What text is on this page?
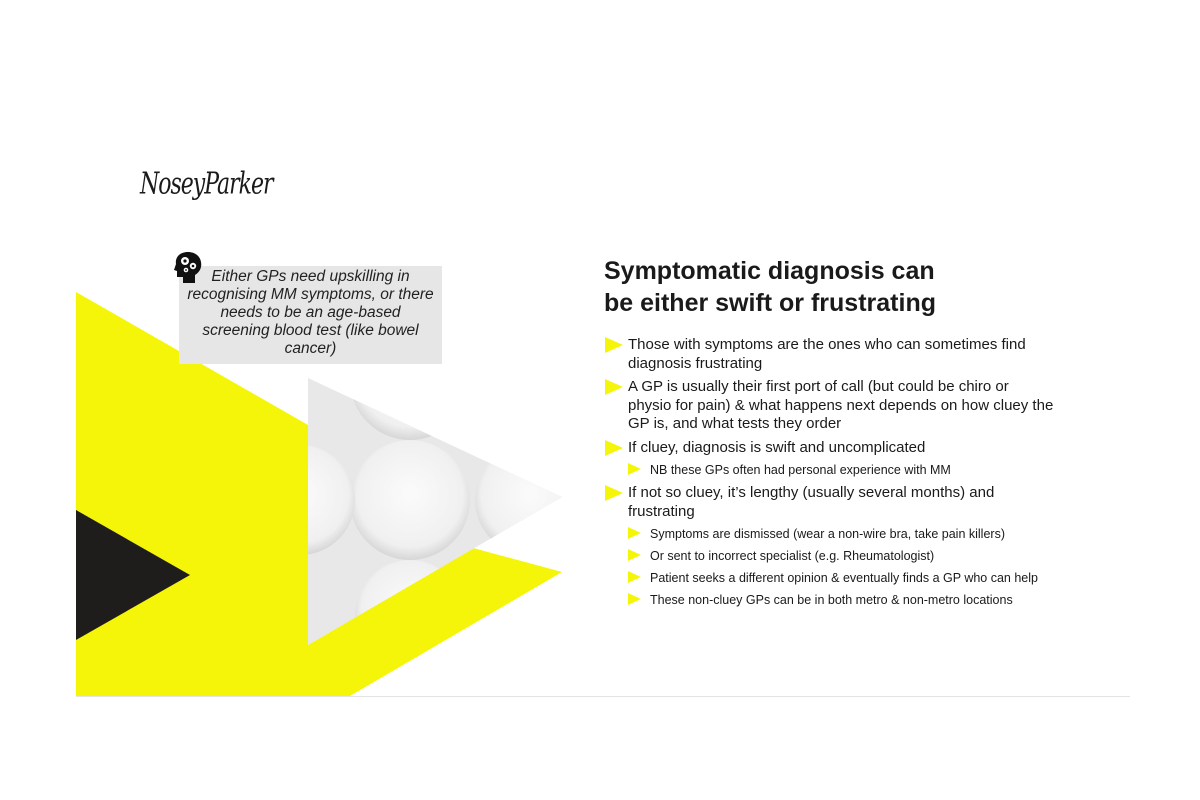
NoseyParker
Either GPs need upskilling in recognising MM symptoms, or there needs to be an age-based screening blood test (like bowel cancer)
Symptomatic diagnosis can
be either swift or frustrating
Those with symptoms are the ones who can sometimes find diagnosis frustrating
A GP is usually their first port of call (but could be chiro or physio for pain) & what happens next depends on how cluey the GP is, and what tests they order
If cluey, diagnosis is swift and uncomplicated
NB these GPs often had personal experience with MM
If not so cluey, it’s lengthy (usually several months) and frustrating
Symptoms are dismissed (wear a non-wire bra, take pain killers)
Or sent to incorrect specialist (e.g. Rheumatologist)
Patient seeks a different opinion & eventually finds a GP who can help
These non-cluey GPs can be in both metro & non-metro locations
